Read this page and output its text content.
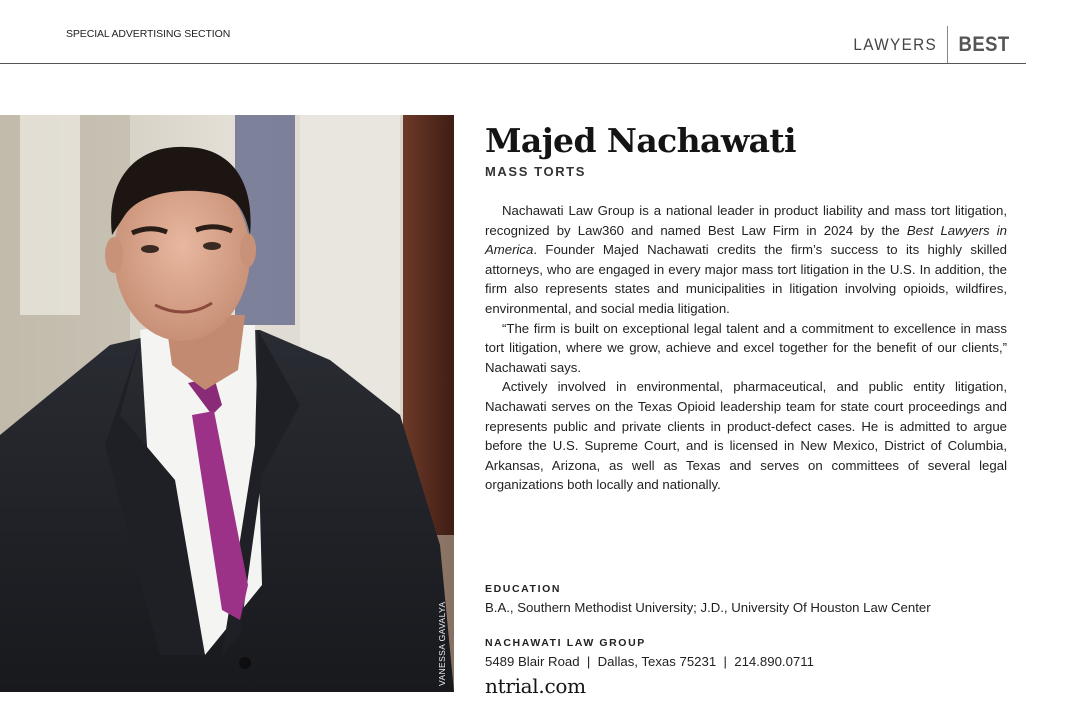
SPECIAL ADVERTISING SECTION
LAWYERS	BEST
VANESSA GAVALYA
Majed Nachawati
MASS TORTS

Nachawati Law Group is a national leader in product liability and mass tort litigation, recognized by Law360 and named Best Law Firm in 2024 by the Best Lawyers in America. Founder Majed Nachawati credits the firm’s success to its highly skilled attorneys, who are engaged in every major mass tort litigation in the U.S. In addition, the firm also represents states and municipalities in litigation involving opioids, wildfires, environmental, and social media litigation.

“The firm is built on exceptional legal talent and a commitment to excellence in mass tort litigation, where we grow, achieve and excel together for the benefit of our clients,” Nachawati says.

Actively involved in environmental, pharmaceutical, and public entity litigation, Nachawati serves on the Texas Opioid leadership team for state court proceedings and represents public and private clients in product-defect cases. He is admitted to argue before the U.S. Supreme Court, and is licensed in New Mexico, District of Columbia, Arkansas, Arizona, as well as Texas and serves on committees of several legal organizations both locally and nationally.

EDUCATION
B.A., Southern Methodist University; J.D., University Of Houston Law Center
NACHAWATI LAW GROUP
5489 Blair Road  |  Dallas, Texas 75231  |  214.890.0711
ntrial.com
